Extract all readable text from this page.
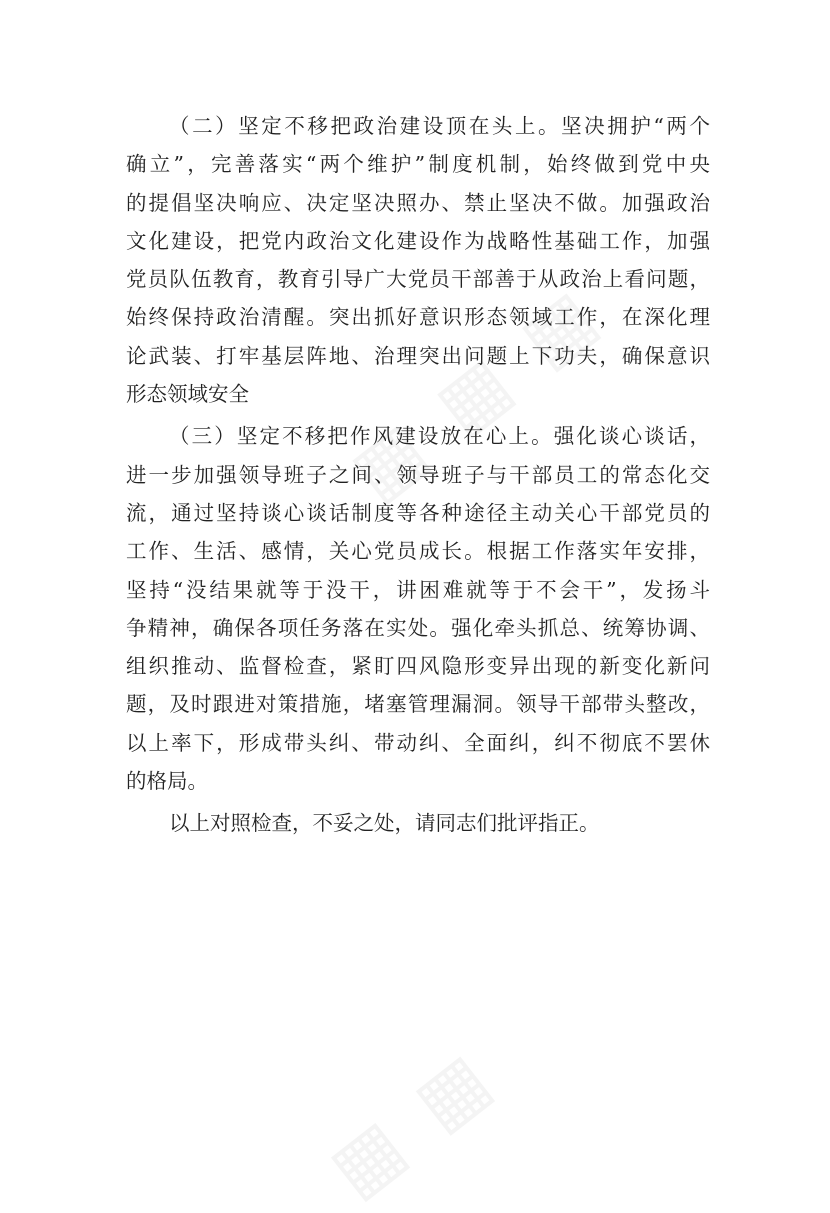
（二）坚定不移把政治建设顶在头上。坚决拥护“两个
确立”，完善落实“两个维护”制度机制，始终做到党中央
的提倡坚决响应、决定坚决照办、禁止坚决不做。加强政治
文化建设，把党内政治文化建设作为战略性基础工作，加强
党员队伍教育，教育引导广大党员干部善于从政治上看问题，
始终保持政治清醒。突出抓好意识形态领域工作，在深化理
论武装、打牢基层阵地、治理突出问题上下功夫，确保意识
形态领域安全
（三）坚定不移把作风建设放在心上。强化谈心谈话，
进一步加强领导班子之间、领导班子与干部员工的常态化交
流，通过坚持谈心谈话制度等各种途径主动关心干部党员的
工作、生活、感情，关心党员成长。根据工作落实年安排，
坚持“没结果就等于没干，讲困难就等于不会干”，发扬斗
争精神，确保各项任务落在实处。强化牵头抓总、统筹协调、
组织推动、监督检查，紧盯四风隐形变异出现的新变化新问
题，及时跟进对策措施，堵塞管理漏洞。领导干部带头整改，
以上率下，形成带头纠、带动纠、全面纠，纠不彻底不罢休
的格局。
以上对照检查，不妥之处，请同志们批评指正。
